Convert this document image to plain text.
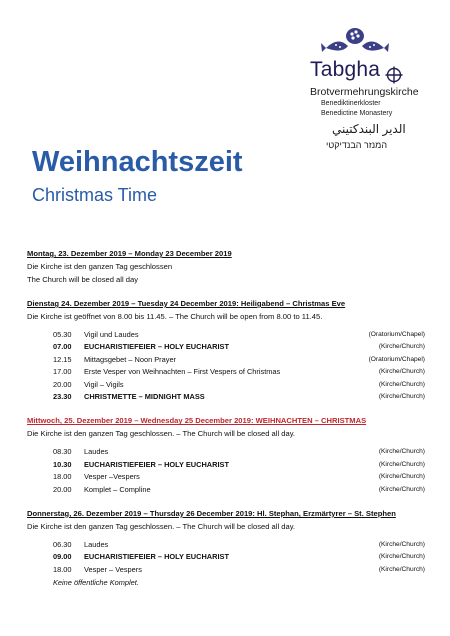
Tabgha
Brotvermehrungskirche
Benediktinerkloster
Benedictine Monastery
الدير البندكتيني
המנזר הבנדיקטי
Weihnachtszeit
Christmas Time
Montag, 23. Dezember 2019 – Monday 23 December 2019
Die Kirche ist den ganzen Tag geschlossen
The Church will be closed all day
Dienstag 24. Dezember 2019 – Tuesday 24 December 2019: Heiligabend – Christmas Eve
Die Kirche ist geöffnet von 8.00 bis 11.45. – The Church will be open from 8.00 to 11.45.
05.30 Vigil und Laudes	(Oratorium/Chapel)
07.00 EUCHARISTIEFEIER – HOLY EUCHARIST	(Kirche/Church)
12.15 Mittagsgebet – Noon Prayer	(Oratorium/Chapel)
17.00 Erste Vesper von Weihnachten – First Vespers of Christmas	(Kirche/Church)
20.00 Vigil – Vigils	(Kirche/Church)
23.30 CHRISTMETTE – MIDNIGHT MASS	(Kirche/Church)
Mittwoch, 25. Dezember 2019 – Wednesday 25 December 2019: WEIHNACHTEN – CHRISTMAS
Die Kirche ist den ganzen Tag geschlossen. – The Church will be closed all day.
08.30 Laudes	(Kirche/Church)
10.30 EUCHARISTIEFEIER – HOLY EUCHARIST	(Kirche/Church)
18.00 Vesper –Vespers	(Kirche/Church)
20.00 Komplet – Compline	(Kirche/Church)
Donnerstag, 26. Dezember 2019 – Thursday 26 December 2019: Hl. Stephan, Erzmärtyrer – St. Stephen
Die Kirche ist den ganzen Tag geschlossen. – The Church will be closed all day.
06.30 Laudes	(Kirche/Church)
09.00 EUCHARISTIEFEIER – HOLY EUCHARIST	(Kirche/Church)
18.00 Vesper – Vespers	(Kirche/Church)
Keine öffentliche Komplet.
